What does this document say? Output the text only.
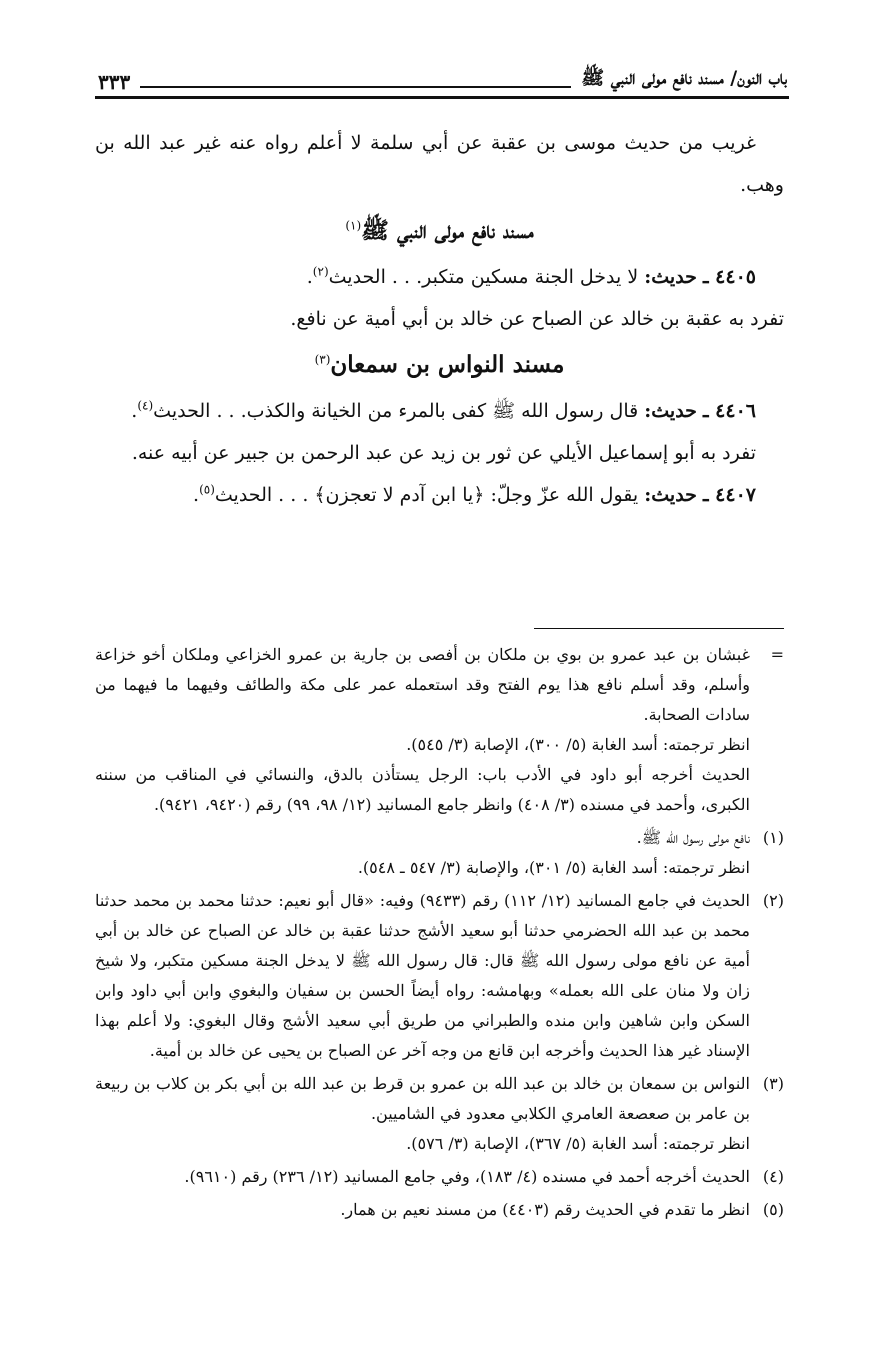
باب النون/ مسند نافع مولى النبي ﷺ
٣٣٣

غريب من حديث موسى بن عقبة عن أبي سلمة لا أعلم رواه عنه غير عبد الله بن وهب.

مسند نافع مولى النبي ﷺ$^{(١)}$

٤٤٠٥ ـ حديث: لا يدخل الجنة مسكين متكبر. . . الحديث$^{(٢)}$.

تفرد به عقبة بن خالد عن الصباح عن خالد بن أبي أمية عن نافع.

مسند النواس بن سمعان$^{(٣)}$

٤٤٠٦ ـ حديث: قال رسول الله ﷺ كفى بالمرء من الخيانة والكذب. . . الحديث$^{(٤)}$.

تفرد به أبو إسماعيل الأيلي عن ثور بن زيد عن عبد الرحمن بن جبير عن أبيه عنه.

٤٤٠٧ ـ حديث: يقول الله عزّ وجلّ: ﴿يا ابن آدم لا تعجزن﴾ . . . الحديث$^{(٥)}$.

=

غبشان بن عبد عمرو بن بوي بن ملكان بن أفصى بن جارية بن عمرو الخزاعي وملكان أخو خزاعة وأسلم، وقد أسلم نافع هذا يوم الفتح وقد استعمله عمر على مكة والطائف وفيهما ما فيهما من سادات الصحابة.

انظر ترجمته: أسد الغابة (٥/ ٣٠٠)، الإصابة (٣/ ٥٤٥).

الحديث أخرجه أبو داود في الأدب باب: الرجل يستأذن بالدق، والنسائي في المناقب من سننه الكبرى، وأحمد في مسنده (٣/ ٤٠٨) وانظر جامع المسانيد (١٢/ ٩٨، ٩٩) رقم (٩٤٢٠، ٩٤٢١).

(١)

نافع مولى رسول الله ﷺ.

انظر ترجمته: أسد الغابة (٥/ ٣٠١)، والإصابة (٣/ ٥٤٧ ـ ٥٤٨).

(٢)

الحديث في جامع المسانيد (١٢/ ١١٢) رقم (٩٤٣٣) وفيه: «قال أبو نعيم: حدثنا محمد بن محمد حدثنا محمد بن عبد الله الحضرمي حدثنا أبو سعيد الأشج حدثنا عقبة بن خالد عن الصباح عن خالد بن أبي أمية عن نافع مولى رسول الله ﷺ قال: قال رسول الله ﷺ لا يدخل الجنة مسكين متكبر، ولا شيخ زان ولا منان على الله بعمله» وبهامشه: رواه أيضاً الحسن بن سفيان والبغوي وابن أبي داود وابن السكن وابن شاهين وابن منده والطبراني من طريق أبي سعيد الأشج وقال البغوي: ولا أعلم بهذا الإسناد غير هذا الحديث وأخرجه ابن قانع من وجه آخر عن الصباح بن يحيى عن خالد بن أمية.

(٣)

النواس بن سمعان بن خالد بن عبد الله بن عمرو بن قرط بن عبد الله بن أبي بكر بن كلاب بن ربيعة بن عامر بن صعصعة العامري الكلابي معدود في الشاميين.

انظر ترجمته: أسد الغابة (٥/ ٣٦٧)، الإصابة (٣/ ٥٧٦).

(٤)

الحديث أخرجه أحمد في مسنده (٤/ ١٨٣)، وفي جامع المسانيد (١٢/ ٢٣٦) رقم (٩٦١٠).

(٥)

انظر ما تقدم في الحديث رقم (٤٤٠٣) من مسند نعيم بن همار.
